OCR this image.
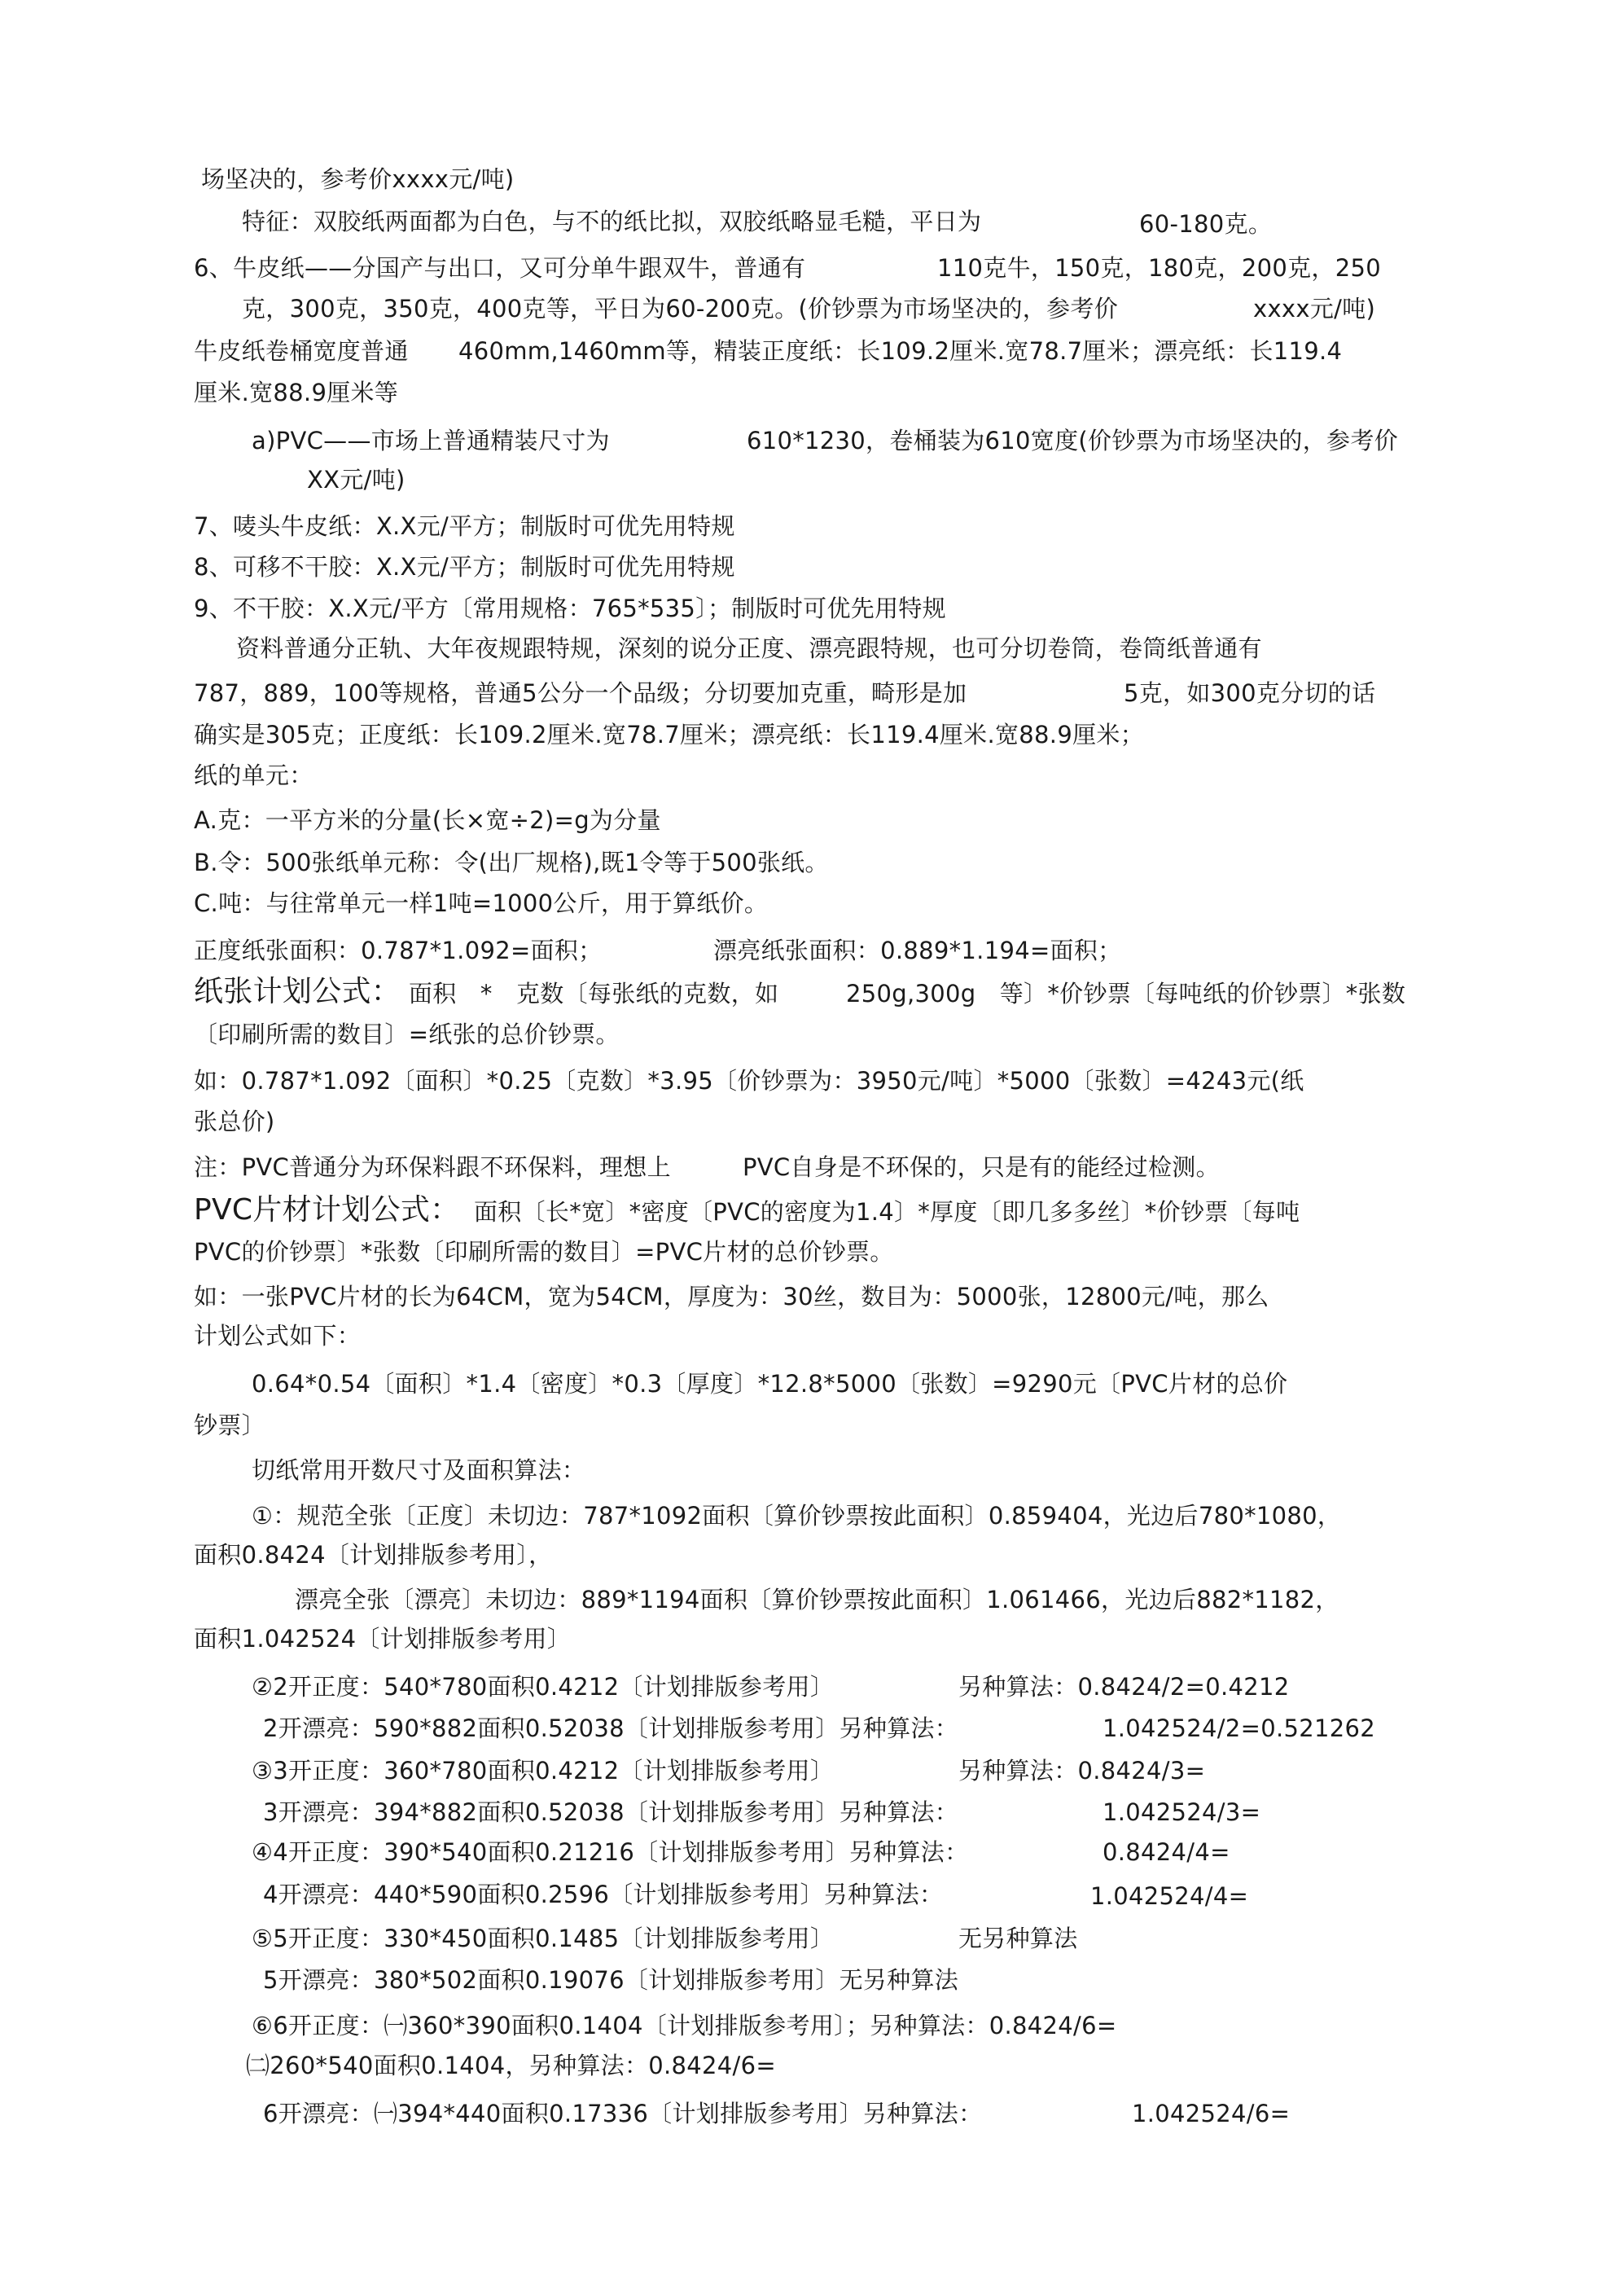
场坚决的，参考价xxxx元/吨)
特征：双胶纸两面都为白色，与不的纸比拟，双胶纸略显毛糙，平日为	60-180克。
6、牛皮纸——分国产与出口，又可分单牛跟双牛，普通有	110克牛，150克，180克，200克，250
克，300克，350克，400克等，平日为60-200克。(价钞票为市场坚决的，参考价	xxxx元/吨)
牛皮纸卷桶宽度普通 460mm,1460mm等，精装正度纸：长109.2厘米.宽78.7厘米；漂亮纸：长119.4
厘米.宽88.9厘米等
a)PVC——市场上普通精装尺寸为	610*1230，卷桶装为610宽度(价钞票为市场坚决的，参考价
XX元/吨)
7、唛头牛皮纸：X.X元/平方；制版时可优先用特规
8、可移不干胶：X.X元/平方；制版时可优先用特规
9、不干胶：X.X元/平方〔常用规格：765*535〕；制版时可优先用特规
资料普通分正轨、大年夜规跟特规，深刻的说分正度、漂亮跟特规，也可分切卷筒，卷筒纸普通有
787，889，100等规格，普通5公分一个品级；分切要加克重，畸形是加	5克，如300克分切的话
确实是305克；正度纸：长109.2厘米.宽78.7厘米；漂亮纸：长119.4厘米.宽88.9厘米；
纸的单元：
A.克：一平方米的分量(长×宽÷2)=g为分量
B.令：500张纸单元称：令(出厂规格),既1令等于500张纸。
C.吨：与往常单元一样1吨=1000公斤，用于算纸价。
正度纸张面积：0.787*1.092=面积；	漂亮纸张面积：0.889*1.194=面积；
纸张计划公式： 面积　*　克数〔每张纸的克数，如	250g,300g　等〕*价钞票〔每吨纸的价钞票〕*张数
〔印刷所需的数目〕=纸张的总价钞票。
如：0.787*1.092〔面积〕*0.25〔克数〕*3.95〔价钞票为：3950元/吨〕*5000〔张数〕=4243元(纸
张总价)
注：PVC普通分为环保料跟不环保料，理想上	PVC自身是不环保的，只是有的能经过检测。
PVC片材计划公式： 面积〔长*宽〕*密度〔PVC的密度为1.4〕*厚度〔即几多多丝〕*价钞票〔每吨
PVC的价钞票〕*张数〔印刷所需的数目〕=PVC片材的总价钞票。
如：一张PVC片材的长为64CM，宽为54CM，厚度为：30丝，数目为：5000张，12800元/吨，那么
计划公式如下：
0.64*0.54〔面积〕*1.4〔密度〕*0.3〔厚度〕*12.8*5000〔张数〕=9290元〔PVC片材的总价
钞票〕
切纸常用开数尺寸及面积算法：
①：规范全张〔正度〕未切边：787*1092面积〔算价钞票按此面积〕0.859404，光边后780*1080，
面积0.8424〔计划排版参考用〕，
漂亮全张〔漂亮〕未切边：889*1194面积〔算价钞票按此面积〕1.061466，光边后882*1182，
面积1.042524〔计划排版参考用〕
②2开正度：540*780面积0.4212〔计划排版参考用〕	另种算法：0.8424/2=0.4212
2开漂亮：590*882面积0.52038〔计划排版参考用〕另种算法：	1.042524/2=0.521262
③3开正度：360*780面积0.4212〔计划排版参考用〕	另种算法：0.8424/3=
3开漂亮：394*882面积0.52038〔计划排版参考用〕另种算法：	1.042524/3=
④4开正度：390*540面积0.21216〔计划排版参考用〕另种算法：	0.8424/4=
4开漂亮：440*590面积0.2596〔计划排版参考用〕另种算法：	1.042524/4=
⑤5开正度：330*450面积0.1485〔计划排版参考用〕	无另种算法
5开漂亮：380*502面积0.19076〔计划排版参考用〕无另种算法
⑥6开正度：㈠360*390面积0.1404〔计划排版参考用〕；另种算法：0.8424/6=
㈡260*540面积0.1404，另种算法：0.8424/6=
6开漂亮：㈠394*440面积0.17336〔计划排版参考用〕另种算法：	1.042524/6=
